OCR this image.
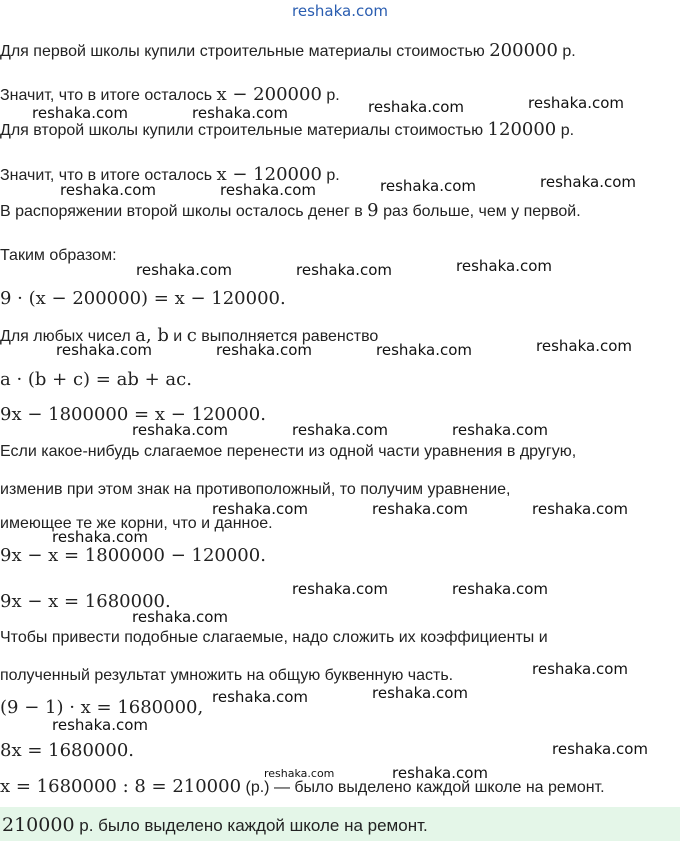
reshaka.com
Для первой школы купили строительные материалы стоимостью 200000 р.
Значит, что в итоге осталось x − 200000 р.
Для второй школы купили строительные материалы стоимостью 120000 р.
Значит, что в итоге осталось x − 120000 р.
В распоряжении второй школы осталось денег в 9 раз больше, чем у первой.
Таким образом:
9 · (x − 200000) = x − 120000.
Для любых чисел a, b и c выполняется равенство
a · (b + c) = ab + ac.
9x − 1800000 = x − 120000.
Если какое-нибудь слагаемое перенести из одной части уравнения в другую,
изменив при этом знак на противоположный, то получим уравнение,
имеющее те же корни, что и данное.
9x − x = 1800000 − 120000.
9x − x = 1680000.
Чтобы привести подобные слагаемые, надо сложить их коэффициенты и
полученный результат умножить на общую буквенную часть.
(9 − 1) · x = 1680000,
8x = 1680000.
x = 1680000 : 8 = 210000 (р.) — было выделено каждой школе на ремонт.
210000 р. было выделено каждой школе на ремонт.
reshaka.com	reshaka.com	reshaka.com	reshaka.com
reshaka.com	reshaka.com	reshaka.com	reshaka.com
reshaka.com	reshaka.com	reshaka.com
reshaka.com	reshaka.com	reshaka.com	reshaka.com
reshaka.com	reshaka.com	reshaka.com
reshaka.com
reshaka.com	reshaka.com	reshaka.com
reshaka.com	reshaka.com
reshaka.com
reshaka.com
reshaka.com	reshaka.com
reshaka.com
reshaka.com
reshaka.com
reshaka.com
